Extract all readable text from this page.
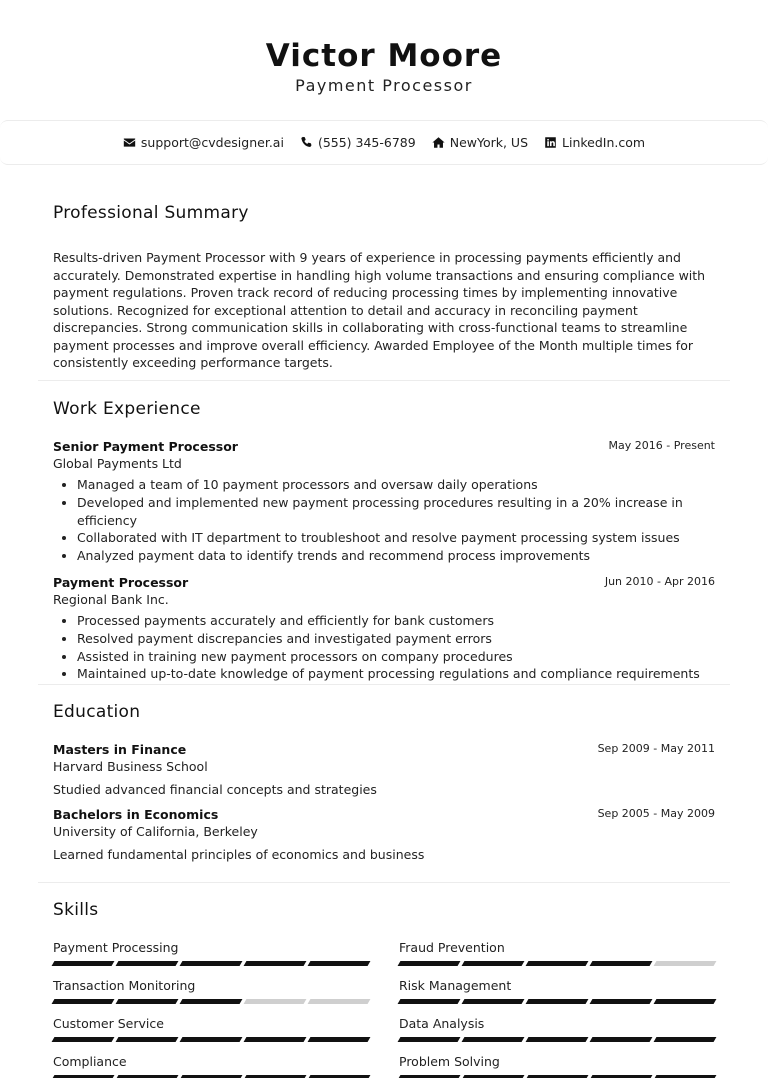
Victor Moore
Payment Processor
support@cvdesigner.ai	(555) 345-6789	NewYork, US	LinkedIn.com
Professional Summary
Results-driven Payment Processor with 9 years of experience in processing payments efficiently and accurately. Demonstrated expertise in handling high volume transactions and ensuring compliance with payment regulations. Proven track record of reducing processing times by implementing innovative solutions. Recognized for exceptional attention to detail and accuracy in reconciling payment discrepancies. Strong communication skills in collaborating with cross-functional teams to streamline payment processes and improve overall efficiency. Awarded Employee of the Month multiple times for consistently exceeding performance targets.
Work Experience
Senior Payment Processor
Global Payments Ltd
May 2016 - Present
• Managed a team of 10 payment processors and oversaw daily operations
• Developed and implemented new payment processing procedures resulting in a 20% increase in efficiency
• Collaborated with IT department to troubleshoot and resolve payment processing system issues
• Analyzed payment data to identify trends and recommend process improvements
Payment Processor
Regional Bank Inc.
Jun 2010 - Apr 2016
• Processed payments accurately and efficiently for bank customers
• Resolved payment discrepancies and investigated payment errors
• Assisted in training new payment processors on company procedures
• Maintained up-to-date knowledge of payment processing regulations and compliance requirements
Education
Masters in Finance
Harvard Business School
Sep 2009 - May 2011
Studied advanced financial concepts and strategies
Bachelors in Economics
University of California, Berkeley
Sep 2005 - May 2009
Learned fundamental principles of economics and business
Skills
Payment Processing	Fraud Prevention
Transaction Monitoring	Risk Management
Customer Service	Data Analysis
Compliance	Problem Solving
